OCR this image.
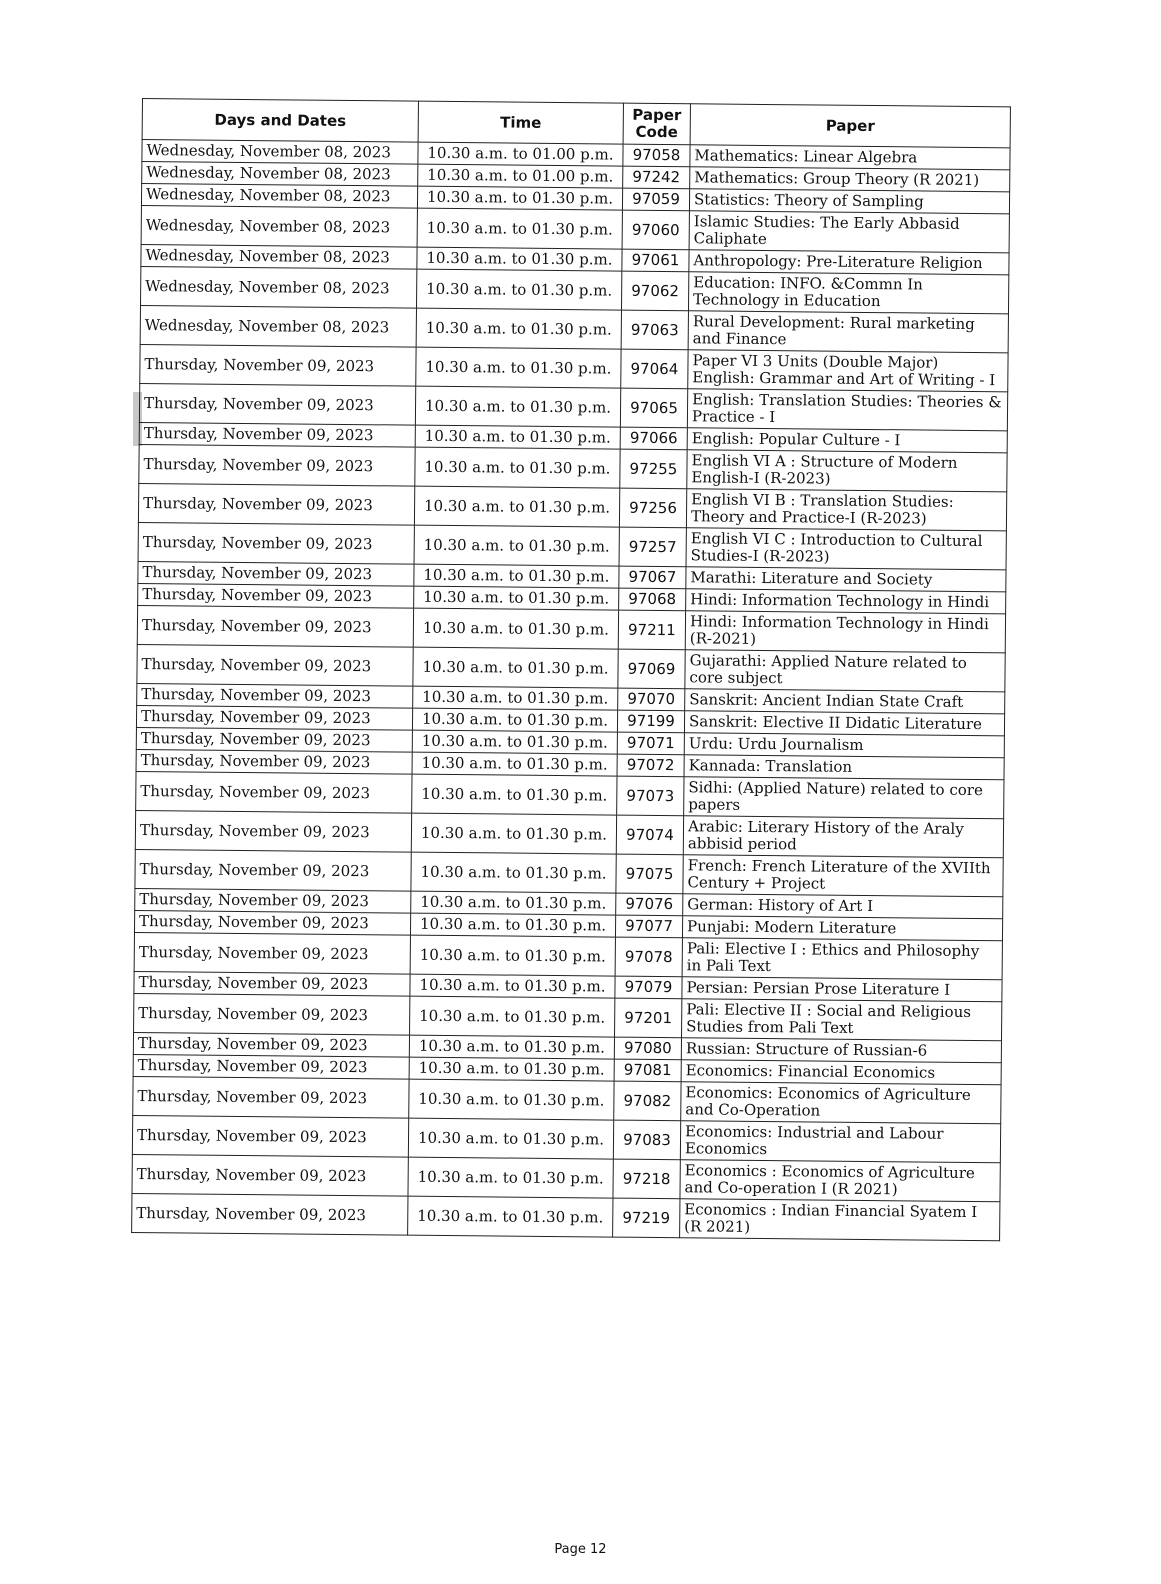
Days and Dates	Time	Paper Code	Paper
Wednesday, November 08, 2023	10.30 a.m. to 01.00 p.m.	97058	Mathematics: Linear Algebra
Wednesday, November 08, 2023	10.30 a.m. to 01.00 p.m.	97242	Mathematics: Group Theory (R 2021)
Wednesday, November 08, 2023	10.30 a.m. to 01.30 p.m.	97059	Statistics: Theory of Sampling
Wednesday, November 08, 2023	10.30 a.m. to 01.30 p.m.	97060	Islamic Studies: The Early Abbasid Caliphate
Wednesday, November 08, 2023	10.30 a.m. to 01.30 p.m.	97061	Anthropology: Pre-Literature Religion
Wednesday, November 08, 2023	10.30 a.m. to 01.30 p.m.	97062	Education: INFO. &Commn In Technology in Education
Wednesday, November 08, 2023	10.30 a.m. to 01.30 p.m.	97063	Rural Development: Rural marketing and Finance
Thursday, November 09, 2023	10.30 a.m. to 01.30 p.m.	97064	Paper VI 3 Units (Double Major) English: Grammar and Art of Writing - I
Thursday, November 09, 2023	10.30 a.m. to 01.30 p.m.	97065	English: Translation Studies: Theories & Practice - I
Thursday, November 09, 2023	10.30 a.m. to 01.30 p.m.	97066	English: Popular Culture - I
Thursday, November 09, 2023	10.30 a.m. to 01.30 p.m.	97255	English VI A : Structure of Modern English-I (R-2023)
Thursday, November 09, 2023	10.30 a.m. to 01.30 p.m.	97256	English VI B : Translation Studies: Theory and Practice-I (R-2023)
Thursday, November 09, 2023	10.30 a.m. to 01.30 p.m.	97257	English VI C : Introduction to Cultural Studies-I (R-2023)
Thursday, November 09, 2023	10.30 a.m. to 01.30 p.m.	97067	Marathi: Literature and Society
Thursday, November 09, 2023	10.30 a.m. to 01.30 p.m.	97068	Hindi: Information Technology in Hindi
Thursday, November 09, 2023	10.30 a.m. to 01.30 p.m.	97211	Hindi: Information Technology in Hindi (R-2021)
Thursday, November 09, 2023	10.30 a.m. to 01.30 p.m.	97069	Gujarathi: Applied Nature related to core subject
Thursday, November 09, 2023	10.30 a.m. to 01.30 p.m.	97070	Sanskrit: Ancient Indian State Craft
Thursday, November 09, 2023	10.30 a.m. to 01.30 p.m.	97199	Sanskrit: Elective II Didatic Literature
Thursday, November 09, 2023	10.30 a.m. to 01.30 p.m.	97071	Urdu: Urdu Journalism
Thursday, November 09, 2023	10.30 a.m. to 01.30 p.m.	97072	Kannada: Translation
Thursday, November 09, 2023	10.30 a.m. to 01.30 p.m.	97073	Sidhi: (Applied Nature) related to core papers
Thursday, November 09, 2023	10.30 a.m. to 01.30 p.m.	97074	Arabic: Literary History of the Araly abbisid period
Thursday, November 09, 2023	10.30 a.m. to 01.30 p.m.	97075	French: French Literature of the XVIIth Century + Project
Thursday, November 09, 2023	10.30 a.m. to 01.30 p.m.	97076	German: History of Art I
Thursday, November 09, 2023	10.30 a.m. to 01.30 p.m.	97077	Punjabi: Modern Literature
Thursday, November 09, 2023	10.30 a.m. to 01.30 p.m.	97078	Pali: Elective I : Ethics and Philosophy in Pali Text
Thursday, November 09, 2023	10.30 a.m. to 01.30 p.m.	97079	Persian: Persian Prose Literature I
Thursday, November 09, 2023	10.30 a.m. to 01.30 p.m.	97201	Pali: Elective II : Social and Religious Studies from Pali Text
Thursday, November 09, 2023	10.30 a.m. to 01.30 p.m.	97080	Russian: Structure of Russian-6
Thursday, November 09, 2023	10.30 a.m. to 01.30 p.m.	97081	Economics: Financial Economics
Thursday, November 09, 2023	10.30 a.m. to 01.30 p.m.	97082	Economics: Economics of Agriculture and Co-Operation
Thursday, November 09, 2023	10.30 a.m. to 01.30 p.m.	97083	Economics: Industrial and Labour Economics
Thursday, November 09, 2023	10.30 a.m. to 01.30 p.m.	97218	Economics : Economics of Agriculture and Co-operation I (R 2021)
Thursday, November 09, 2023	10.30 a.m. to 01.30 p.m.	97219	Economics : Indian Financial Syatem I (R 2021)
Page 12
